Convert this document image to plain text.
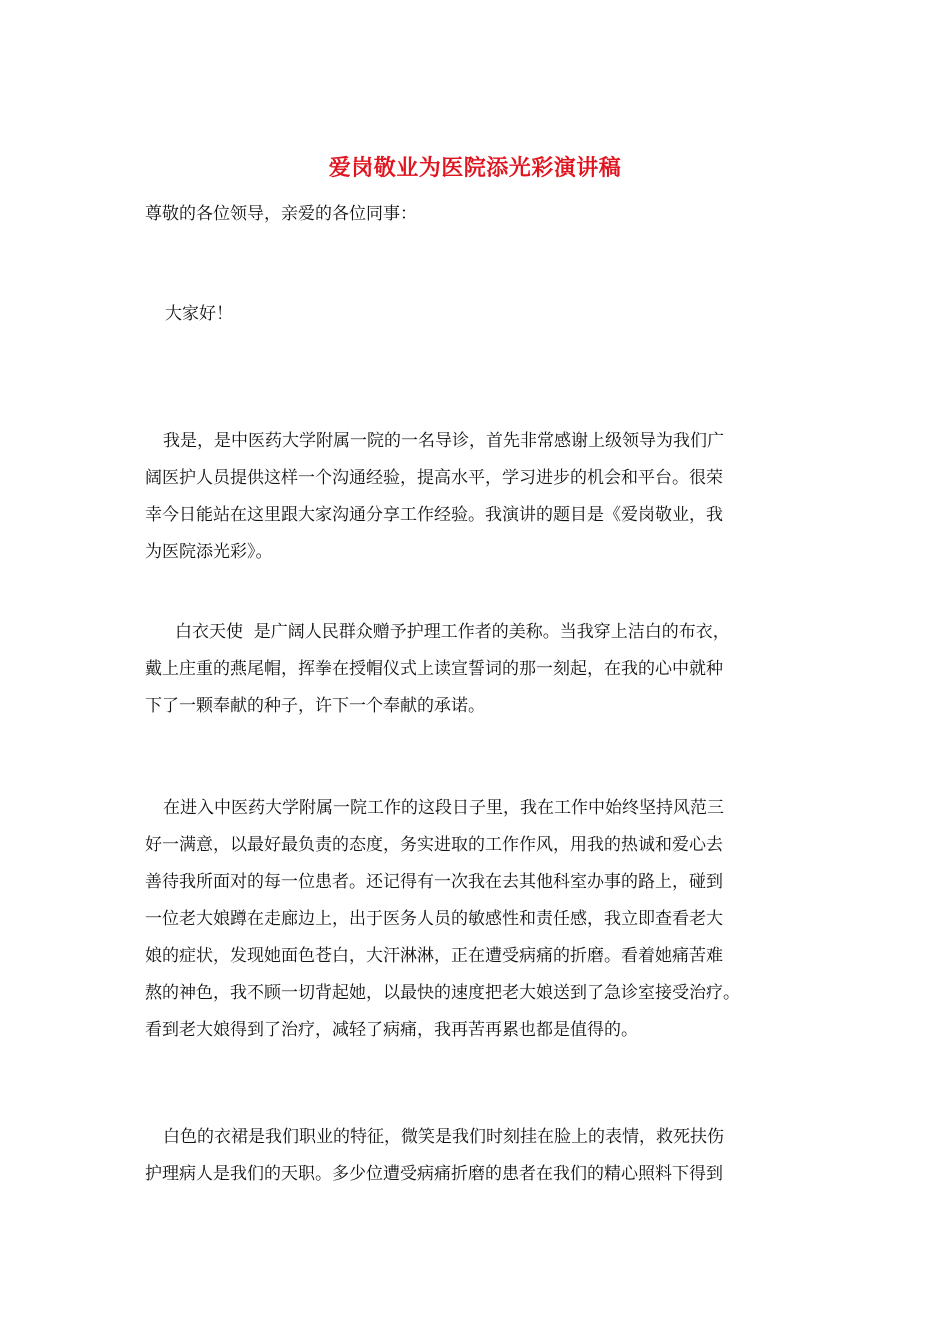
爱岗敬业为医院添光彩演讲稿

尊敬的各位领导，亲爱的各位同事：

大家好！

我是，是中医药大学附属一院的一名导诊，首先非常感谢上级领导为我们广
阔医护人员提供这样一个沟通经验，提高水平，学习进步的机会和平台。很荣
幸今日能站在这里跟大家沟通分享工作经验。我演讲的题目是《爱岗敬业，我
为医院添光彩》。

白衣天使  是广阔人民群众赠予护理工作者的美称。当我穿上洁白的布衣，
戴上庄重的燕尾帽，挥拳在授帽仪式上读宣誓词的那一刻起，在我的心中就种
下了一颗奉献的种子，许下一个奉献的承诺。

在进入中医药大学附属一院工作的这段日子里，我在工作中始终坚持风范三
好一满意，以最好最负责的态度，务实进取的工作作风，用我的热诚和爱心去
善待我所面对的每一位患者。还记得有一次我在去其他科室办事的路上，碰到
一位老大娘蹲在走廊边上，出于医务人员的敏感性和责任感，我立即查看老大
娘的症状，发现她面色苍白，大汗淋淋，正在遭受病痛的折磨。看着她痛苦难
熬的神色，我不顾一切背起她，以最快的速度把老大娘送到了急诊室接受治疗。
看到老大娘得到了治疗，减轻了病痛，我再苦再累也都是值得的。

白色的衣裙是我们职业的特征，微笑是我们时刻挂在脸上的表情，救死扶伤
护理病人是我们的天职。多少位遭受病痛折磨的患者在我们的精心照料下得到
